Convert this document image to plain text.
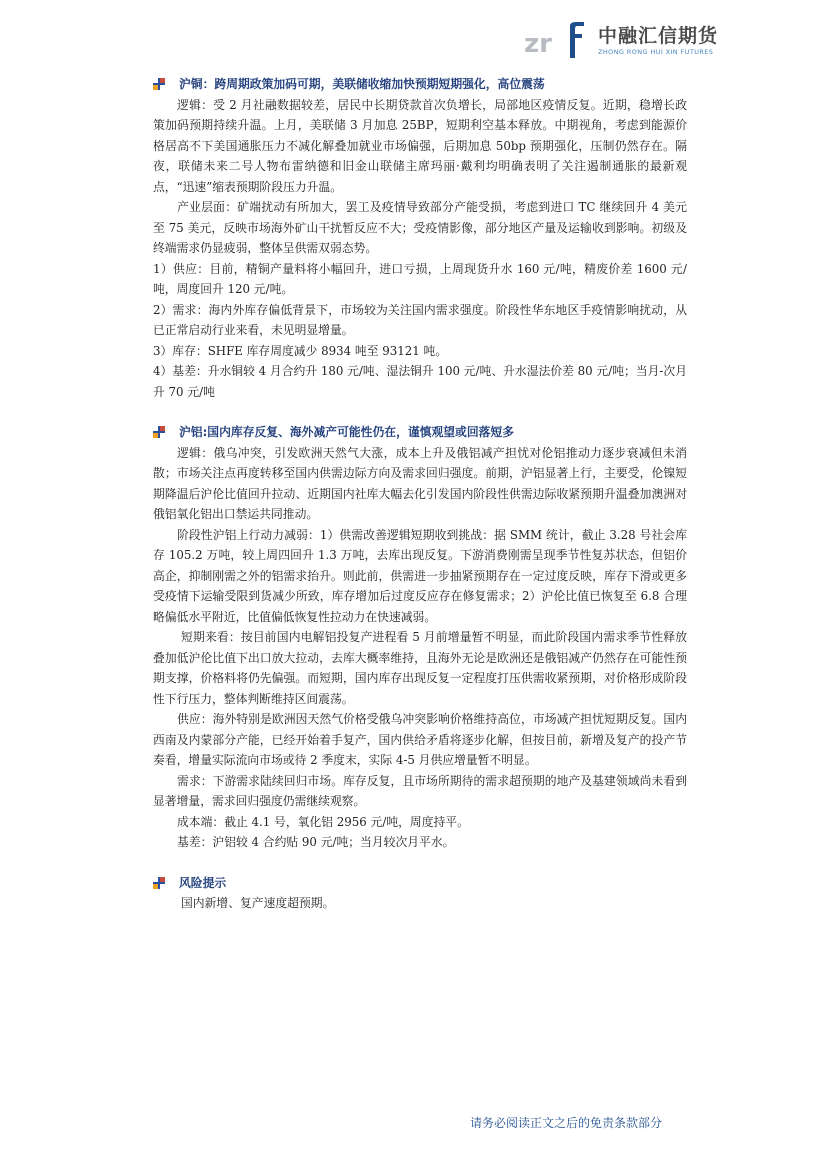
zr 中融汇信期货
ZHONG RONG HUI XIN FUTURES
沪铜：跨周期政策加码可期，美联储收缩加快预期短期强化，高位震荡

逻辑：受 2 月社融数据较差，居民中长期贷款首次负增长，局部地区疫情反复。近期，稳增长政策加码预期持续升温。上月，美联储 3 月加息 25BP，短期利空基本释放。中期视角，考虑到能源价格居高不下美国通胀压力不减化解叠加就业市场偏强，后期加息 50bp 预期强化，压制仍然存在。隔夜，联储未来二号人物布雷纳德和旧金山联储主席玛丽·戴利均明确表明了关注遏制通胀的最新观点，“迅速”缩表预期阶段压力升温。

产业层面：矿端扰动有所加大，罢工及疫情导致部分产能受损，考虑到进口 TC 继续回升 4 美元至 75 美元，反映市场海外矿山干扰暂反应不大；受疫情影像，部分地区产量及运输收到影响。初级及终端需求仍显疲弱，整体呈供需双弱态势。

1）供应：目前，精铜产量料将小幅回升，进口亏损，上周现货升水 160 元/吨，精废价差 1600 元/吨，周度回升 120 元/吨。

2）需求：海内外库存偏低背景下，市场较为关注国内需求强度。阶段性华东地区手疫情影响扰动，从已正常启动行业来看，未见明显增量。

3）库存：SHFE 库存周度减少 8934 吨至 93121 吨。

4）基差：升水铜较 4 月合约升 180 元/吨、湿法铜升 100 元/吨、升水湿法价差 80 元/吨；当月-次月升 70 元/吨

沪铝:国内库存反复、海外减产可能性仍在，谨慎观望或回落短多

逻辑：俄乌冲突，引发欧洲天然气大涨，成本上升及俄铝减产担忧对伦铝推动力逐步衰减但未消散；市场关注点再度转移至国内供需边际方向及需求回归强度。前期，沪铝显著上行，主要受，伦镍短期降温后沪伦比值回升拉动、近期国内社库大幅去化引发国内阶段性供需边际收紧预期升温叠加澳洲对俄铝氧化铝出口禁运共同推动。

阶段性沪铝上行动力减弱：1）供需改善逻辑短期收到挑战：据 SMM 统计，截止 3.28 号社会库存 105.2 万吨，较上周四回升 1.3 万吨，去库出现反复。下游消费刚需呈现季节性复苏状态，但铝价高企，抑制刚需之外的铝需求抬升。则此前，供需进一步抽紧预期存在一定过度反映，库存下滑或更多受疫情下运输受限到货减少所致，库存增加后过度反应存在修复需求；2）沪伦比值已恢复至 6.8 合理略偏低水平附近，比值偏低恢复性拉动力在快速减弱。

短期来看：按目前国内电解铝投复产进程看 5 月前增量暂不明显，而此阶段国内需求季节性释放叠加低沪伦比值下出口放大拉动，去库大概率维持，且海外无论是欧洲还是俄铝减产仍然存在可能性预期支撑，价格料将仍先偏强。而短期，国内库存出现反复一定程度打压供需收紧预期，对价格形成阶段性下行压力，整体判断维持区间震荡。

供应：海外特别是欧洲因天然气价格受俄乌冲突影响价格维持高位，市场减产担忧短期反复。国内西南及内蒙部分产能，已经开始着手复产，国内供给矛盾将逐步化解，但按目前，新增及复产的投产节奏看，增量实际流向市场或待 2 季度末，实际 4-5 月供应增量暂不明显。

需求：下游需求陆续回归市场。库存反复，且市场所期待的需求超预期的地产及基建领域尚未看到显著增量，需求回归强度仍需继续观察。

成本端：截止 4.1 号，氧化铝 2956 元/吨，周度持平。

基差：沪铝较 4 合约贴 90 元/吨；当月较次月平水。

风险提示

国内新增、复产速度超预期。

请务必阅读正文之后的免责条款部分
